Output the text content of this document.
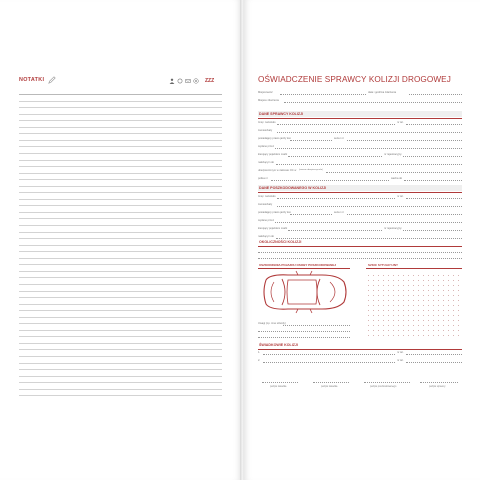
NOTATKI	ZZZ	OŚWIADCZENIE SPRAWCY KOLIZJI DROGOWEJ
Miejscowość	data i godzina zdarzenia
Miejsce zdarzenia
DANE SPRAWCY KOLIZJI
Imię i nazwisko	nr tel.
zamieszkały
posiadający prawo jazdy kat.	seria i nr
wydane przez
kierujący pojazdem marki	nr rejestracyjny
należącym do
ubezpieczonym w zakresie OC w (nazwa ubezpieczyciela)
polisa nr	ważna do
DANE POSZKODOWANEGO W KOLIZJI
Imię i nazwisko	nr tel.
zamieszkały
posiadający prawo jazdy kat.	seria i nr
wydane przez
kierujący pojazdem marki	nr rejestracyjny
należącym do
OKOLICZNOŚCI KOLIZJI
USZKODZENIA POJAZDU OSOBY POSZKODOWANEJ	SZKIC SYTUACYJNY
Uwagi (np. inne szkody)
ŚWIADKOWIE KOLIZJI
1.	nr tel.
2.	nr tel.
podpis świadka	podpis świadka	podpis poszkodowanego	podpis sprawcy
